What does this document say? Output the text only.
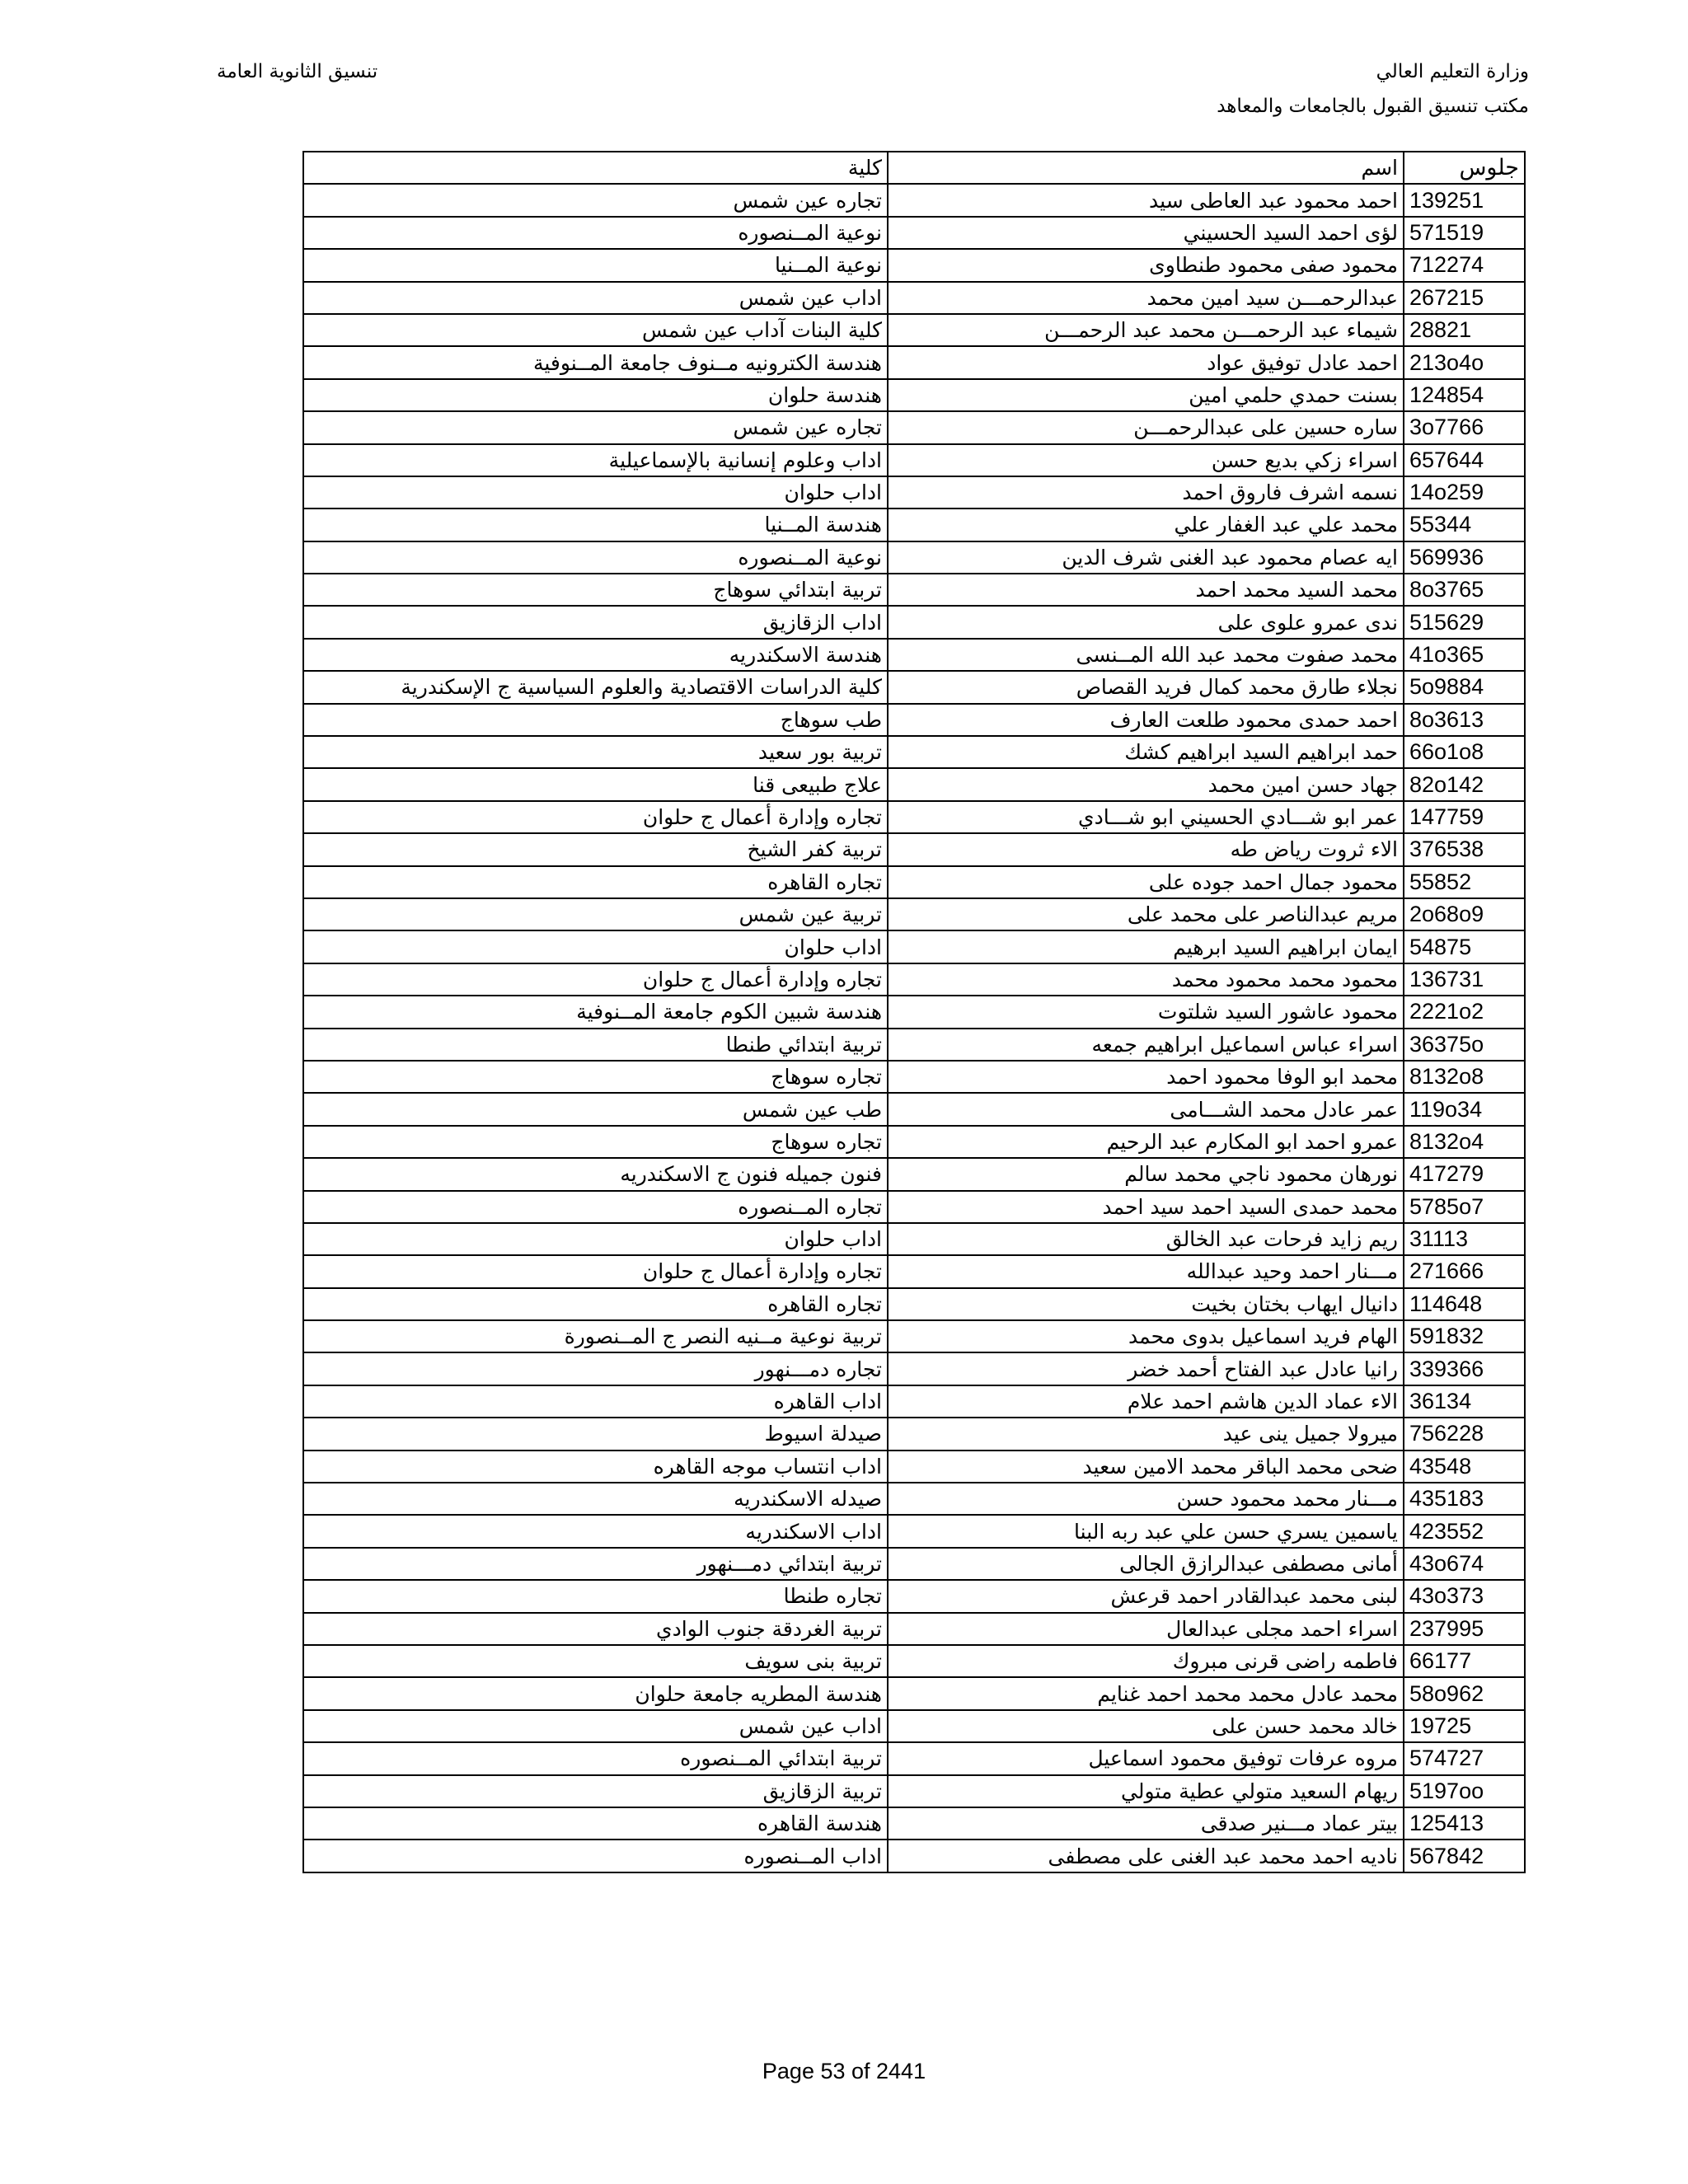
وزارة التعليم العالي
مكتب تنسيق القبول بالجامعات والمعاهد
تنسيق الثانوية العامة
جلوس	اسم	كلية
139251	احمد محمود عبد العاطى سيد	تجاره عين شمس
571519	لؤى احمد السيد الحسيني	نوعية المــنصوره
712274	محمود صفى محمود طنطاوى	نوعية المــنيا
267215	عبدالرحمـــن سيد امين محمد	اداب عين شمس
28821	شيماء عبد الرحمـــن محمد عبد الرحمـــن	كلية البنات آداب عين شمس
213o4o	احمد عادل توفيق عواد	هندسة الكترونيه مــنوف جامعة المــنوفية
124854	بسنت حمدي حلمي امين	هندسة حلوان
3o7766	ساره حسين على عبدالرحمـــن	تجاره عين شمس
657644	اسراء زكي بديع حسن	اداب وعلوم إنسانية بالإسماعيلية
14o259	نسمه اشرف فاروق احمد	اداب حلوان
55344	محمد علي عبد الغفار علي	هندسة المــنيا
569936	ايه عصام محمود عبد الغنى شرف الدين	نوعية المــنصوره
8o3765	محمد السيد محمد احمد	تربية ابتدائي سوهاج
515629	ندى عمرو علوى على	اداب الزقازيق
41o365	محمد صفوت محمد عبد الله المــنسى	هندسة الاسكندريه
5o9884	نجلاء طارق محمد كمال فريد القصاص	كلية الدراسات الاقتصادية والعلوم السياسية ج الإسكندرية
8o3613	احمد حمدى محمود طلعت العارف	طب سوهاج
66o1o8	حمد ابراهيم السيد ابراهيم كشك	تربية بور سعيد
82o142	جهاد حسن امين محمد	علاج طبيعى قنا
147759	عمر ابو شـــادي الحسيني ابو شـــادي	تجاره وإدارة أعمال ج حلوان
376538	الاء ثروت رياض طه	تربية كفر الشيخ
55852	محمود جمال احمد جوده على	تجاره القاهره
2o68o9	مريم عبدالناصر على محمد على	تربية عين شمس
54875	ايمان ابراهيم السيد ابرهيم	اداب حلوان
136731	محمود محمد محمود محمد	تجاره وإدارة أعمال ج حلوان
2221o2	محمود عاشور السيد شلتوت	هندسة شبين الكوم جامعة المــنوفية
36375o	اسراء عباس اسماعيل ابراهيم جمعه	تربية ابتدائي طنطا
8132o8	محمد ابو الوفا محمود احمد	تجاره سوهاج
119o34	عمر عادل محمد الشـــامى	طب عين شمس
8132o4	عمرو احمد ابو المكارم عبد الرحيم	تجاره سوهاج
417279	نورهان محمود ناجي محمد سالم	فنون جميله فنون ج الاسكندريه
5785o7	محمد حمدى السيد احمد سيد احمد	تجاره المــنصوره
31113	ريم زايد فرحات عبد الخالق	اداب حلوان
271666	مـــنار احمد وحيد عبدالله	تجاره وإدارة أعمال ج حلوان
114648	دانيال ايهاب بختان بخيت	تجاره القاهره
591832	الهام فريد اسماعيل بدوى محمد	تربية نوعية مــنيه النصر ج المــنصورة
339366	رانيا عادل عبد الفتاح أحمد خضر	تجاره دمـــنهور
36134	الاء عماد الدين هاشم احمد علام	اداب القاهره
756228	ميرولا جميل ينى عيد	صيدلة اسيوط
43548	ضحى محمد الباقر محمد الامين سعيد	اداب انتساب موجه القاهره
435183	مـــنار محمد محمود حسن	صيدله الاسكندريه
423552	ياسمين يسري حسن علي عبد ربه البنا	اداب الاسكندريه
43o674	أمانى مصطفى عبدالرازق الجالى	تربية ابتدائي دمـــنهور
43o373	لبنى محمد عبدالقادر احمد قرعش	تجاره طنطا
237995	اسراء احمد مجلى عبدالعال	تربية الغردقة جنوب الوادي
66177	فاطمه راضى قرنى مبروك	تربية بنى سويف
58o962	محمد عادل محمد محمد احمد غنايم	هندسة المطريه جامعة حلوان
19725	خالد محمد حسن على	اداب عين شمس
574727	مروه عرفات توفيق محمود اسماعيل	تربية ابتدائي المــنصوره
5197oo	ريهام السعيد متولي عطية متولي	تربية الزقازيق
125413	بيتر عماد مـــنير صدقى	هندسة القاهره
567842	ناديه احمد محمد عبد الغنى على مصطفى	اداب المــنصوره
Page 53 of 2441
